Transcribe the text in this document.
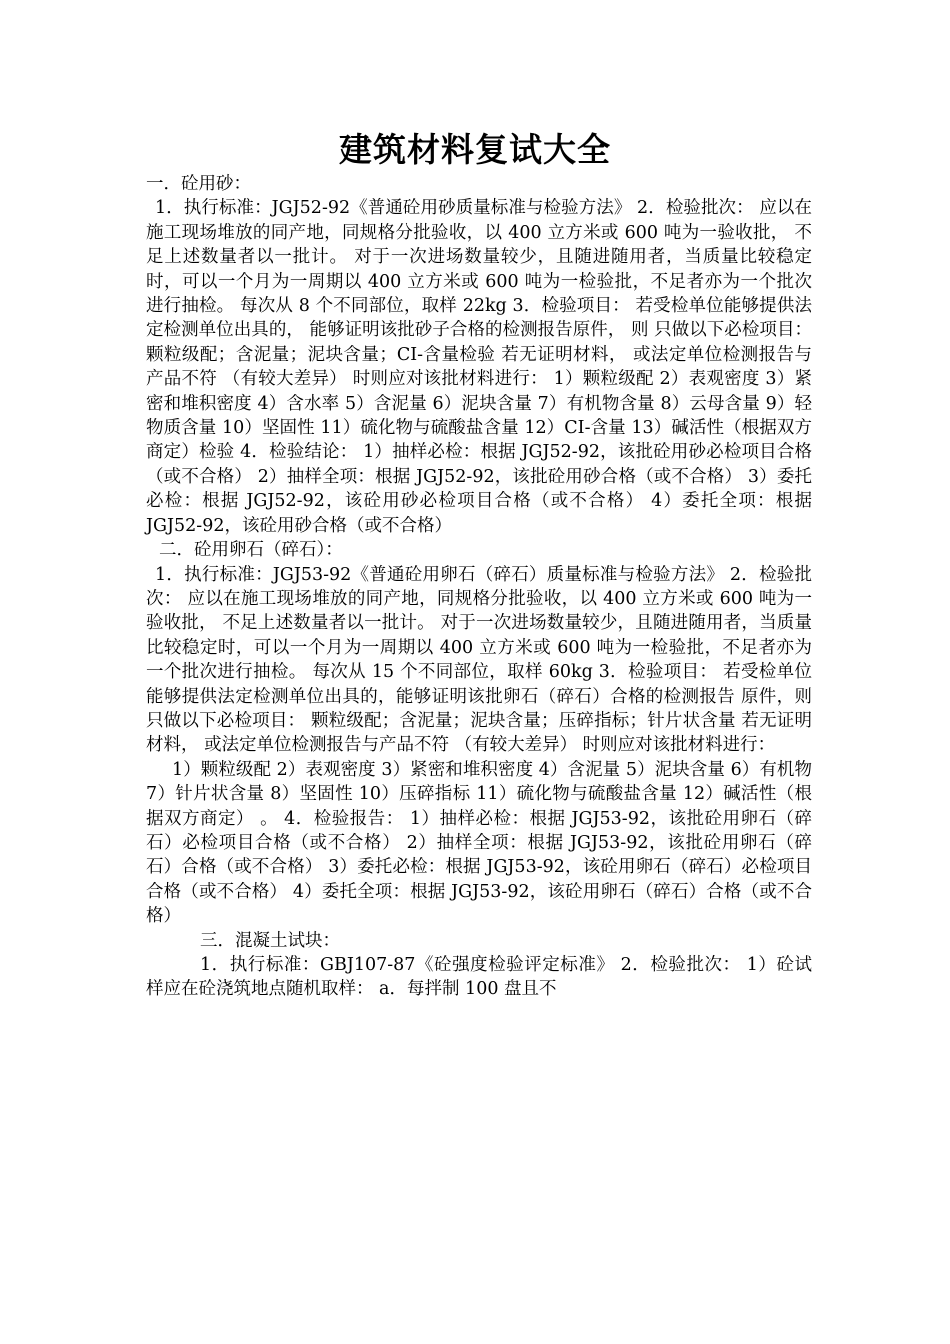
建筑材料复试大全

一．砼用砂：

1．执行标准：JGJ52-92《普通砼用砂质量标准与检验方法》 2．检验批次： 应以在施工现场堆放的同产地，同规格分批验收，以 400 立方米或 600 吨为一验收批， 不足上述数量者以一批计。 对于一次进场数量较少，且随进随用者，当质量比较稳定时，可以一个月为一周期以 400 立方米或 600 吨为一检验批，不足者亦为一个批次进行抽检。 每次从 8 个不同部位，取样 22kg 3．检验项目： 若受检单位能够提供法定检测单位出具的， 能够证明该批砂子合格的检测报告原件， 则 只做以下必检项目： 颗粒级配；含泥量；泥块含量；CI-含量检验 若无证明材料， 或法定单位检测报告与产品不符 （有较大差异） 时则应对该批材料进行： 1）颗粒级配 2）表观密度 3）紧密和堆积密度 4）含水率 5）含泥量 6）泥块含量 7）有机物含量 8）云母含量 9）轻物质含量 10）坚固性 11）硫化物与硫酸盐含量 12）CI-含量 13）碱活性（根据双方商定）检验 4．检验结论： 1）抽样必检：根据 JGJ52-92，该批砼用砂必检项目合格（或不合格） 2）抽样全项：根据 JGJ52-92，该批砼用砂合格（或不合格） 3）委托必检：根据 JGJ52-92，该砼用砂必检项目合格（或不合格） 4）委托全项：根据 JGJ52-92，该砼用砂合格（或不合格）

二．砼用卵石（碎石）：

1．执行标准：JGJ53-92《普通砼用卵石（碎石）质量标准与检验方法》 2．检验批次： 应以在施工现场堆放的同产地，同规格分批验收，以 400 立方米或 600 吨为一验收批， 不足上述数量者以一批计。 对于一次进场数量较少，且随进随用者，当质量比较稳定时，可以一个月为一周期以 400 立方米或 600 吨为一检验批，不足者亦为一个批次进行抽检。 每次从 15 个不同部位，取样 60kg 3．检验项目： 若受检单位能够提供法定检测单位出具的，能够证明该批卵石（碎石）合格的检测报告 原件，则只做以下必检项目： 颗粒级配；含泥量；泥块含量；压碎指标；针片状含量 若无证明材料， 或法定单位检测报告与产品不符 （有较大差异） 时则应对该批材料进行：

1）颗粒级配 2）表观密度 3）紧密和堆积密度 4）含泥量 5）泥块含量 6）有机物 7）针片状含量 8）坚固性 10）压碎指标 11）硫化物与硫酸盐含量 12）碱活性（根据双方商定） 。 4．检验报告： 1）抽样必检：根据 JGJ53-92，该批砼用卵石（碎石）必检项目合格（或不合格） 2）抽样全项：根据 JGJ53-92，该批砼用卵石（碎石）合格（或不合格） 3）委托必检：根据 JGJ53-92，该砼用卵石（碎石）必检项目合格（或不合格） 4）委托全项：根据 JGJ53-92，该砼用卵石（碎石）合格（或不合格）

三．混凝土试块：

1．执行标准：GBJ107-87《砼强度检验评定标准》 2．检验批次： 1）砼试样应在砼浇筑地点随机取样： a．每拌制 100 盘且不
